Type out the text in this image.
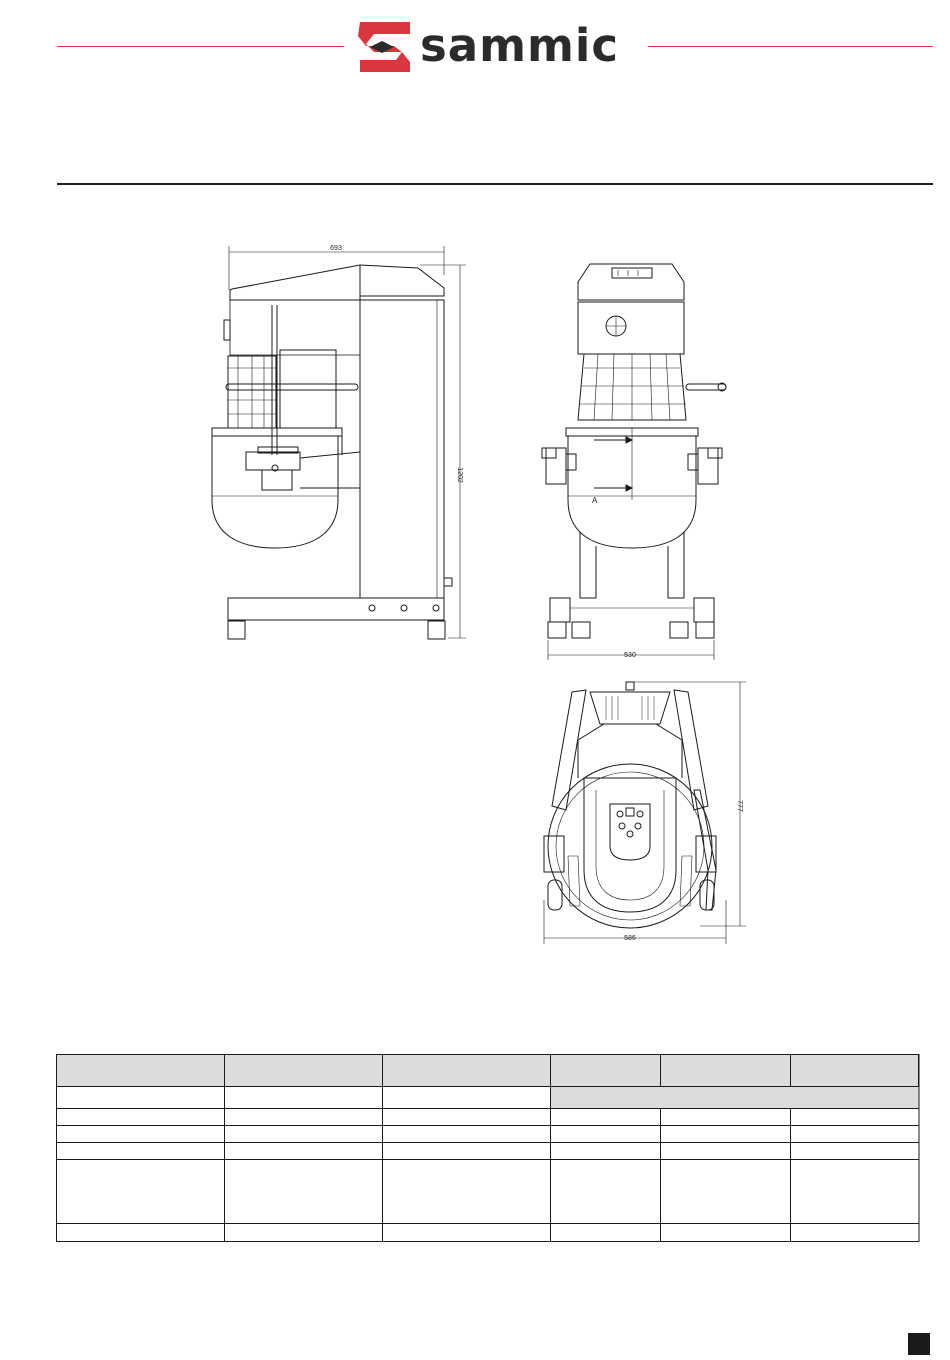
sammic
693
1202
A
530
777
586
